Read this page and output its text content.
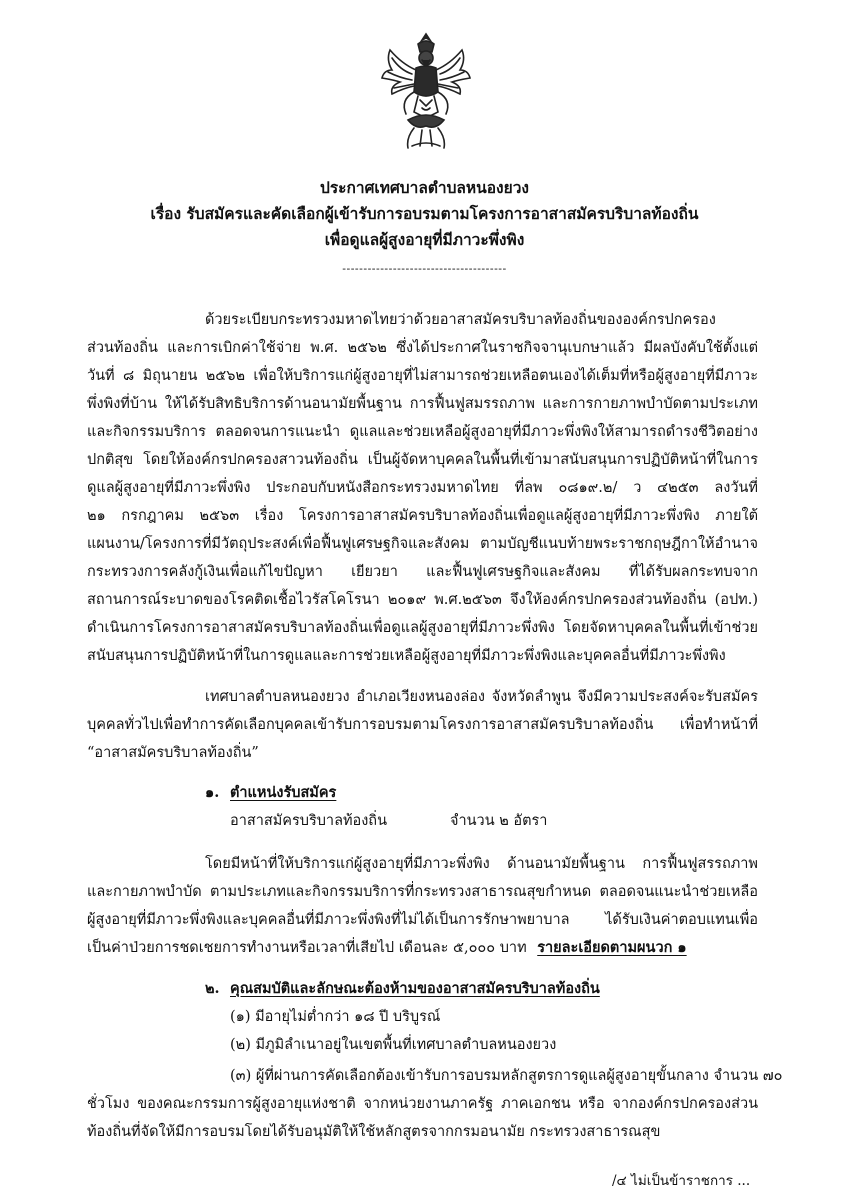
ประกาศเทศบาลตำบลหนองยวง
เรื่อง รับสมัครและคัดเลือกผู้เข้ารับการอบรมตามโครงการอาสาสมัครบริบาลท้องถิ่น
เพื่อดูแลผู้สูงอายุที่มีภาวะพึ่งพิง
---------------------------------------
ด้วยระเบียบกระทรวงมหาดไทยว่าด้วยอาสาสมัครบริบาลท้องถิ่นขององค์กรปกครอง
ส่วนท้องถิ่น และการเบิกค่าใช้จ่าย พ.ศ. ๒๕๖๒ ซึ่งได้ประกาศในราชกิจจานุเบกษาแล้ว มีผลบังคับใช้ตั้งแต่
วันที่ ๘ มิถุนายน ๒๕๖๒ เพื่อให้บริการแก่ผู้สูงอายุที่ไม่สามารถช่วยเหลือตนเองได้เต็มที่หรือผู้สูงอายุที่มีภาวะ
พึ่งพิงที่บ้าน ให้ได้รับสิทธิบริการด้านอนามัยพื้นฐาน การฟื้นฟูสมรรถภาพ และการกายภาพบำบัดตามประเภท
และกิจกรรมบริการ ตลอดจนการแนะนำ ดูแลและช่วยเหลือผู้สูงอายุที่มีภาวะพึ่งพิงให้สามารถดำรงชีวิตอย่าง
ปกติสุข โดยให้องค์กรปกครองสาวนท้องถิ่น เป็นผู้จัดหาบุคคลในพื้นที่เข้ามาสนับสนุนการปฏิบัติหน้าที่ในการ
ดูแลผู้สูงอายุที่มีภาวะพึ่งพิง ประกอบกับหนังสือกระทรวงมหาดไทย ที่ลพ ๐๘๑๙.๒/ ว ๔๒๕๓ ลงวันที่
๒๑ กรกฎาคม ๒๕๖๓ เรื่อง โครงการอาสาสมัครบริบาลท้องถิ่นเพื่อดูแลผู้สูงอายุที่มีภาวะพึ่งพิง ภายใต้
แผนงาน/โครงการที่มีวัตถุประสงค์เพื่อฟื้นฟูเศรษฐกิจและสังคม ตามบัญชีแนบท้ายพระราชกฤษฎีกาให้อำนาจ
กระทรวงการคลังกู้เงินเพื่อแก้ไขปัญหา เยียวยา และฟื้นฟูเศรษฐกิจและสังคม ที่ได้รับผลกระทบจาก
สถานการณ์ระบาดของโรคติดเชื้อไวรัสโคโรนา ๒๐๑๙ พ.ศ.๒๕๖๓ จึงให้องค์กรปกครองส่วนท้องถิ่น (อปท.)
ดำเนินการโครงการอาสาสมัครบริบาลท้องถิ่นเพื่อดูแลผู้สูงอายุที่มีภาวะพึ่งพิง โดยจัดหาบุคคลในพื้นที่เข้าช่วย
สนับสนุนการปฏิบัติหน้าที่ในการดูแลและการช่วยเหลือผู้สูงอายุที่มีภาวะพึ่งพิงและบุคคลอื่นที่มีภาวะพึ่งพิง
เทศบาลตำบลหนองยวง อำเภอเวียงหนองล่อง จังหวัดลำพูน จึงมีความประสงค์จะรับสมัคร
บุคคลทั่วไปเพื่อทำการคัดเลือกบุคคลเข้ารับการอบรมตามโครงการอาสาสมัครบริบาลท้องถิ่น เพื่อทำหน้าที่
“อาสาสมัครบริบาลท้องถิ่น”
๑. ตำแหน่งรับสมัคร
อาสาสมัครบริบาลท้องถิ่น	จำนวน ๒ อัตรา
โดยมีหน้าที่ให้บริการแก่ผู้สูงอายุที่มีภาวะพึ่งพิง ด้านอนามัยพื้นฐาน การฟื้นฟูสรรถภาพ
และกายภาพบำบัด ตามประเภทและกิจกรรมบริการที่กระทรวงสาธารณสุขกำหนด ตลอดจนแนะนำช่วยเหลือ
ผู้สูงอายุที่มีภาวะพึ่งพิงและบุคคลอื่นที่มีภาวะพึ่งพิงที่ไม่ได้เป็นการรักษาพยาบาล ได้รับเงินค่าตอบแทนเพื่อ
เป็นค่าป่วยการชดเชยการทำงานหรือเวลาที่เสียไป เดือนละ ๕,๐๐๐ บาท รายละเอียดตามผนวก ๑
๒. คุณสมบัติและลักษณะต้องห้ามของอาสาสมัครบริบาลท้องถิ่น
(๑) มีอายุไม่ต่ำกว่า ๑๘ ปี บริบูรณ์
(๒) มีภูมิลำเนาอยู่ในเขตพื้นที่เทศบาลตำบลหนองยวง
(๓) ผู้ที่ผ่านการคัดเลือกต้องเข้ารับการอบรมหลักสูตรการดูแลผู้สูงอายุขั้นกลาง จำนวน ๗๐
ชั่วโมง ของคณะกรรมการผู้สูงอายุแห่งชาติ จากหน่วยงานภาครัฐ ภาคเอกชน หรือ จากองค์กรปกครองส่วน
ท้องถิ่นที่จัดให้มีการอบรมโดยได้รับอนุมัติให้ใช้หลักสูตรจากกรมอนามัย กระทรวงสาธารณสุข
/๔ ไม่เป็นข้าราชการ ...
